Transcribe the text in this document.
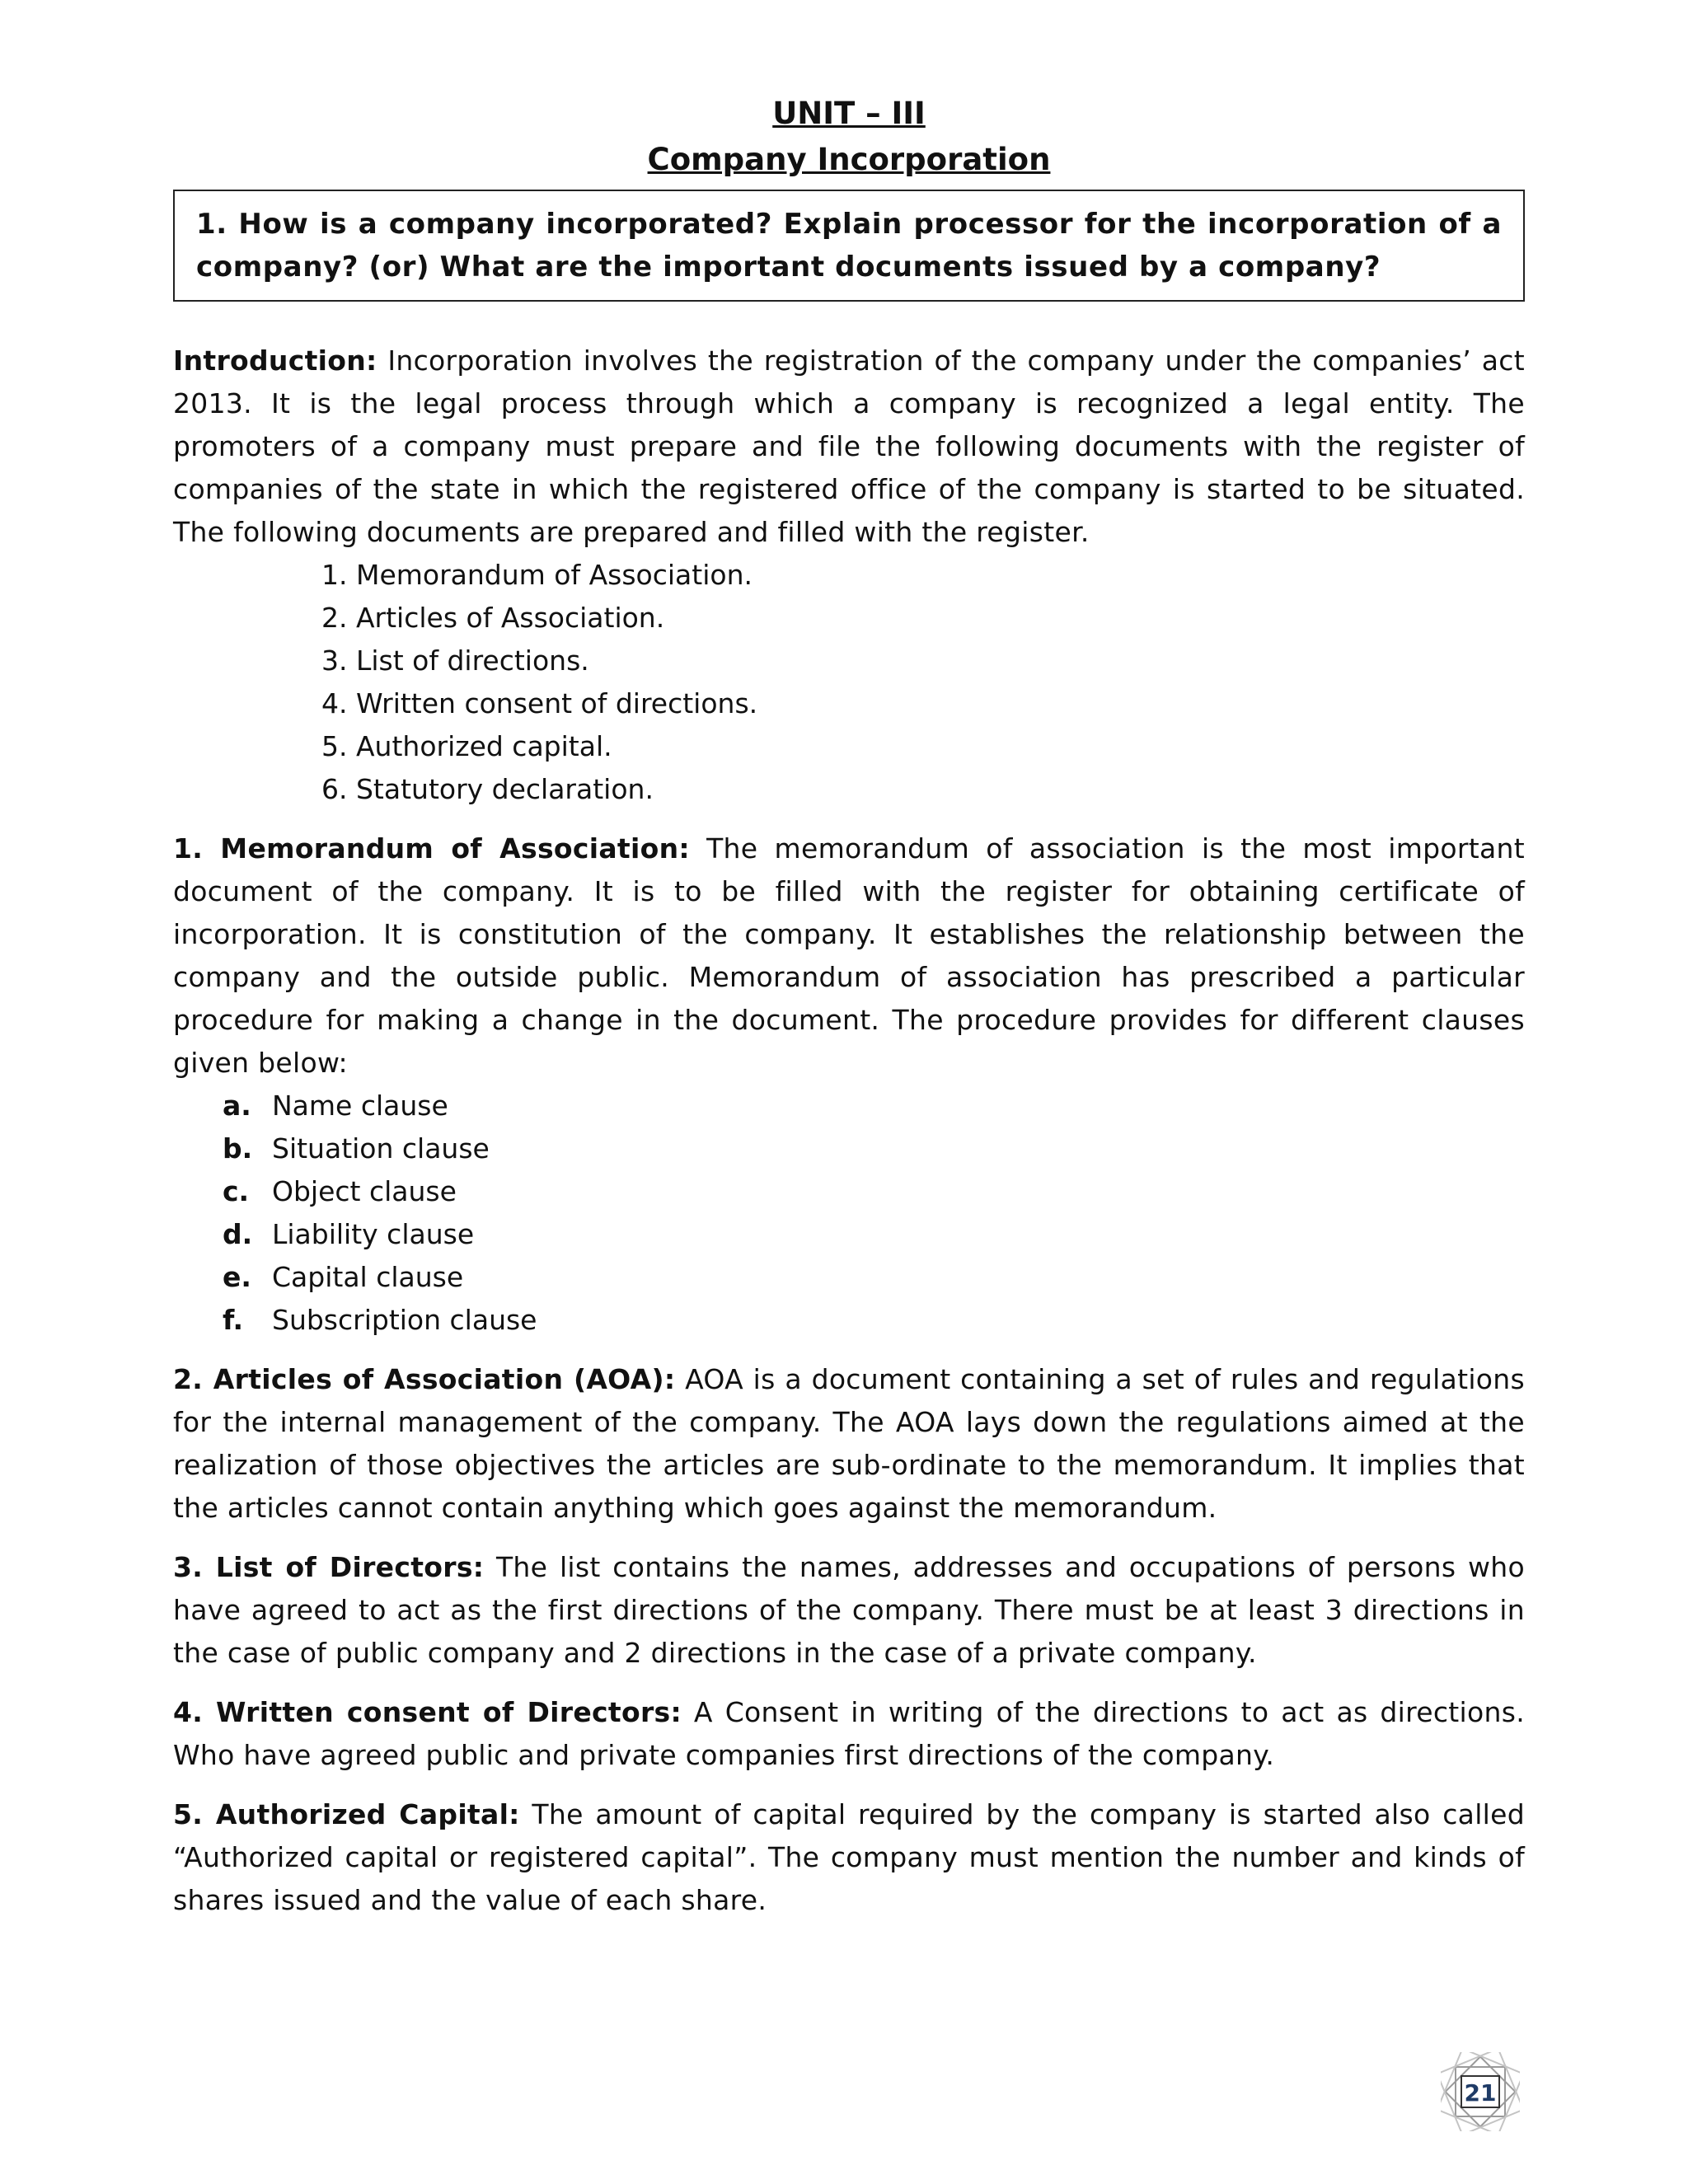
UNIT – III

Company Incorporation

1. How is a company incorporated? Explain processor for the incorporation of a company? (or) What are the important documents issued by a company?

Introduction: Incorporation involves the registration of the company under the companies’ act 2013. It is the legal process through which a company is recognized a legal entity. The promoters of a company must prepare and file the following documents with the register of companies of the state in which the registered office of the company is started to be situated. The following documents are prepared and filled with the register.

1. Memorandum of Association.
2. Articles of Association.
3. List of directions.
4. Written consent of directions.
5. Authorized capital.
6. Statutory declaration.

1. Memorandum of Association: The memorandum of association is the most important document of the company. It is to be filled with the register for obtaining certificate of incorporation. It is constitution of the company. It establishes the relationship between the company and the outside public. Memorandum of association has prescribed a particular procedure for making a change in the document. The procedure provides for different clauses given below:

a. Name clause
b. Situation clause
c. Object clause
d. Liability clause
e. Capital clause
f. Subscription clause

2. Articles of Association (AOA): AOA is a document containing a set of rules and regulations for the internal management of the company. The AOA lays down the regulations aimed at the realization of those objectives the articles are sub-ordinate to the memorandum. It implies that the articles cannot contain anything which goes against the memorandum.

3. List of Directors: The list contains the names, addresses and occupations of persons who have agreed to act as the first directions of the company. There must be at least 3 directions in the case of public company and 2 directions in the case of a private company.

4. Written consent of Directors: A Consent in writing of the directions to act as directions. Who have agreed public and private companies first directions of the company.

5. Authorized Capital: The amount of capital required by the company is started also called “Authorized capital or registered capital”. The company must mention the number and kinds of shares issued and the value of each share.

21
